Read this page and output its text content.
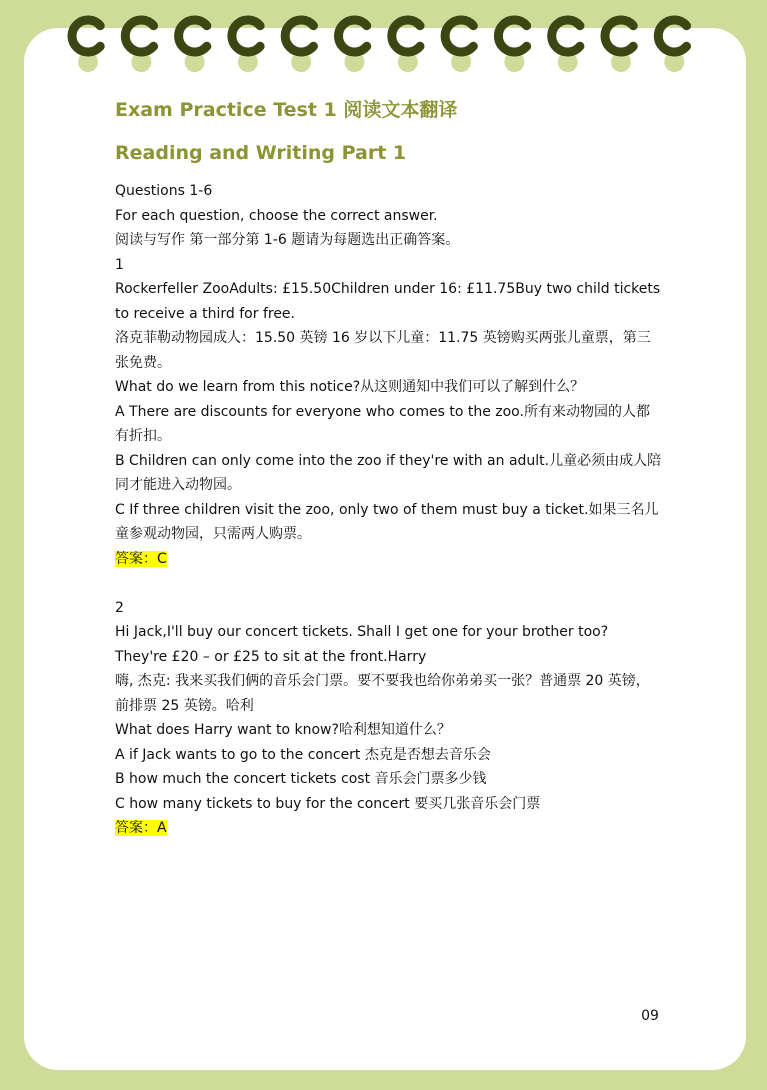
Exam Practice Test 1 阅读文本翻译
Reading and Writing Part 1

Questions 1-6

For each question, choose the correct answer.

阅读与写作 第一部分第 1-6 题请为每题选出正确答案。

1

Rockerfeller ZooAdults: £15.50Children under 16: £11.75Buy two child tickets to receive a third for free.

洛克菲勒动物园成人：15.50 英镑 16 岁以下儿童：11.75 英镑购买两张儿童票，第三张免费。

What do we learn from this notice?从这则通知中我们可以了解到什么？

A There are discounts for everyone who comes to the zoo.所有来动物园的人都有折扣。

B Children can only come into the zoo if they're with an adult.儿童必须由成人陪同才能进入动物园。

C If three children visit the zoo, only two of them must buy a ticket.如果三名儿童参观动物园，只需两人购票。

答案：C

2

Hi Jack,I'll buy our concert tickets. Shall I get one for your brother too? They're £20 – or £25 to sit at the front.Harry

嗨, 杰克: 我来买我们俩的音乐会门票。要不要我也给你弟弟买一张？普通票 20 英镑，前排票 25 英镑。哈利

What does Harry want to know?哈利想知道什么？

A if Jack wants to go to the concert 杰克是否想去音乐会

B how much the concert tickets cost 音乐会门票多少钱

C how many tickets to buy for the concert 要买几张音乐会门票

答案：A

09
